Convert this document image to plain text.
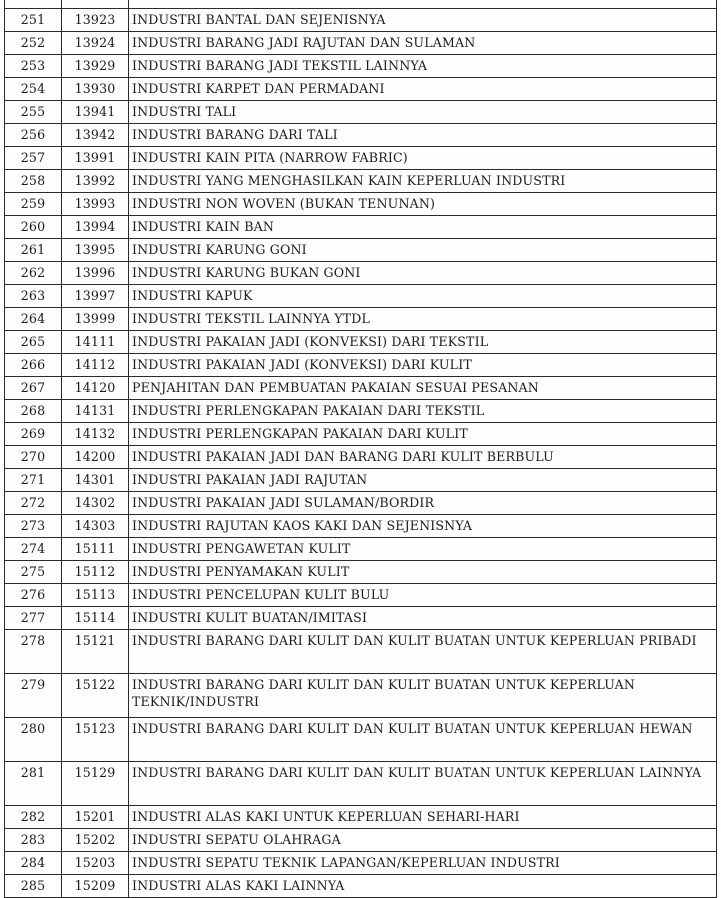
251	13923	INDUSTRI BANTAL DAN SEJENISNYA
252	13924	INDUSTRI BARANG JADI RAJUTAN DAN SULAMAN
253	13929	INDUSTRI BARANG JADI TEKSTIL LAINNYA
254	13930	INDUSTRI KARPET DAN PERMADANI
255	13941	INDUSTRI TALI
256	13942	INDUSTRI BARANG DARI TALI
257	13991	INDUSTRI KAIN PITA (NARROW FABRIC)
258	13992	INDUSTRI YANG MENGHASILKAN KAIN KEPERLUAN INDUSTRI
259	13993	INDUSTRI NON WOVEN (BUKAN TENUNAN)
260	13994	INDUSTRI KAIN BAN
261	13995	INDUSTRI KARUNG GONI
262	13996	INDUSTRI KARUNG BUKAN GONI
263	13997	INDUSTRI KAPUK
264	13999	INDUSTRI TEKSTIL LAINNYA YTDL
265	14111	INDUSTRI PAKAIAN JADI (KONVEKSI) DARI TEKSTIL
266	14112	INDUSTRI PAKAIAN JADI (KONVEKSI) DARI KULIT
267	14120	PENJAHITAN DAN PEMBUATAN PAKAIAN SESUAI PESANAN
268	14131	INDUSTRI PERLENGKAPAN PAKAIAN DARI TEKSTIL
269	14132	INDUSTRI PERLENGKAPAN PAKAIAN DARI KULIT
270	14200	INDUSTRI PAKAIAN JADI DAN BARANG DARI KULIT BERBULU
271	14301	INDUSTRI PAKAIAN JADI RAJUTAN
272	14302	INDUSTRI PAKAIAN JADI SULAMAN/BORDIR
273	14303	INDUSTRI RAJUTAN KAOS KAKI DAN SEJENISNYA
274	15111	INDUSTRI PENGAWETAN KULIT
275	15112	INDUSTRI PENYAMAKAN KULIT
276	15113	INDUSTRI PENCELUPAN KULIT BULU
277	15114	INDUSTRI KULIT BUATAN/IMITASI
278	15121	INDUSTRI BARANG DARI KULIT DAN KULIT BUATAN UNTUK KEPERLUAN PRIBADI
279	15122	INDUSTRI BARANG DARI KULIT DAN KULIT BUATAN UNTUK KEPERLUAN TEKNIK/INDUSTRI
280	15123	INDUSTRI BARANG DARI KULIT DAN KULIT BUATAN UNTUK KEPERLUAN HEWAN
281	15129	INDUSTRI BARANG DARI KULIT DAN KULIT BUATAN UNTUK KEPERLUAN LAINNYA
282	15201	INDUSTRI ALAS KAKI UNTUK KEPERLUAN SEHARI-HARI
283	15202	INDUSTRI SEPATU OLAHRAGA
284	15203	INDUSTRI SEPATU TEKNIK LAPANGAN/KEPERLUAN INDUSTRI
285	15209	INDUSTRI ALAS KAKI LAINNYA
